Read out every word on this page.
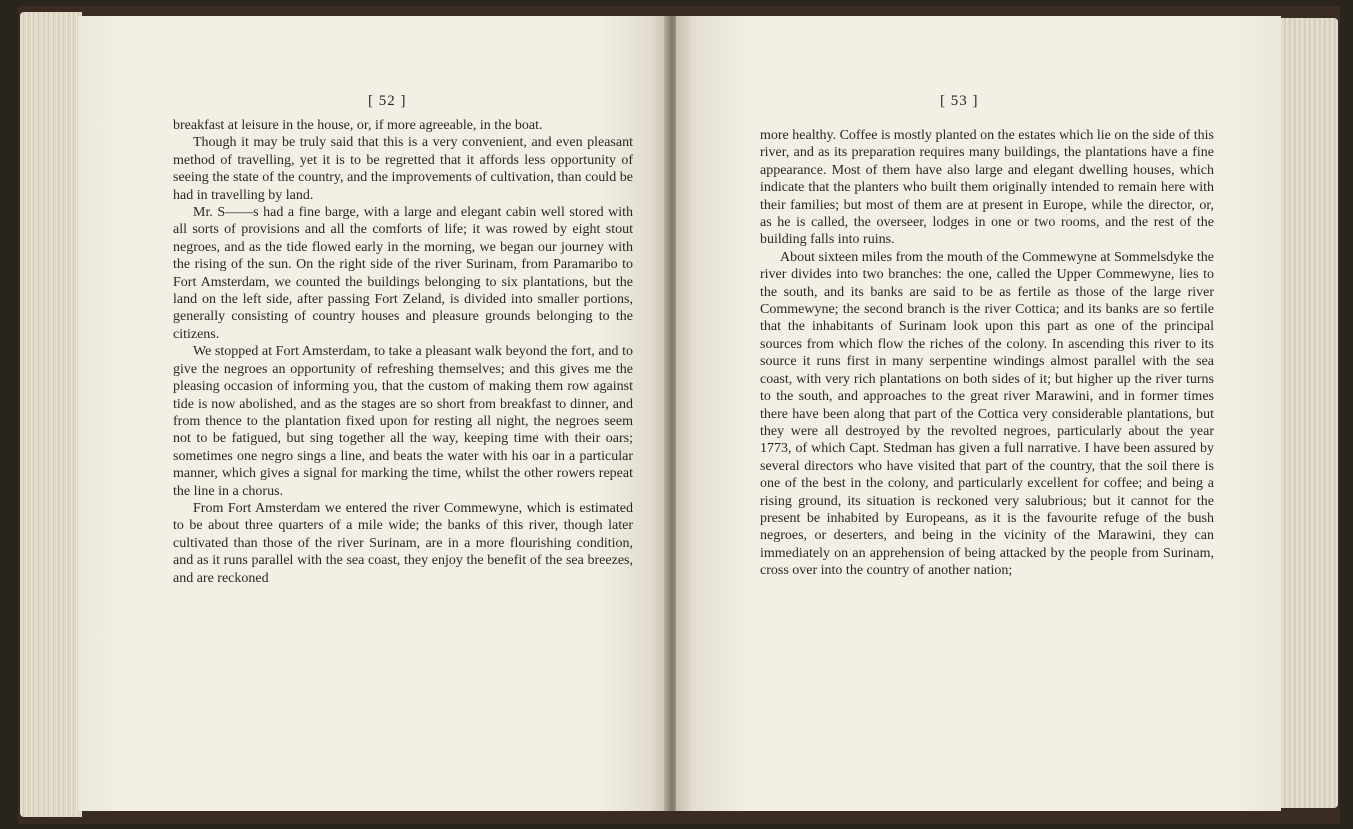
[ 52 ]

breakfast at leisure in the house, or, if more agreeable, in the boat.

Though it may be truly said that this is a very convenient, and even pleasant method of travelling, yet it is to be regretted that it affords less opportunity of seeing the state of the country, and the improvements of cultivation, than could be had in travelling by land.

Mr. S——s had a fine barge, with a large and elegant cabin well stored with all sorts of provisions and all the comforts of life; it was rowed by eight stout negroes, and as the tide flowed early in the morning, we began our journey with the rising of the sun. On the right side of the river Surinam, from Paramaribo to Fort Amsterdam, we counted the buildings belonging to six plantations, but the land on the left side, after passing Fort Zeland, is divided into smaller portions, generally consisting of country houses and pleasure grounds belonging to the citizens.

We stopped at Fort Amsterdam, to take a pleasant walk beyond the fort, and to give the negroes an opportunity of refreshing themselves; and this gives me the pleasing occasion of informing you, that the custom of making them row against tide is now abolished, and as the stages are so short from breakfast to dinner, and from thence to the plantation fixed upon for resting all night, the negroes seem not to be fatigued, but sing together all the way, keeping time with their oars; sometimes one negro sings a line, and beats the water with his oar in a particular manner, which gives a signal for marking the time, whilst the other rowers repeat the line in a chorus.

From Fort Amsterdam we entered the river Commewyne, which is estimated to be about three quarters of a mile wide; the banks of this river, though later cultivated than those of the river Surinam, are in a more flourishing condition, and as it runs parallel with the sea coast, they enjoy the benefit of the sea breezes, and are reckoned

[ 53 ]

more healthy. Coffee is mostly planted on the estates which lie on the side of this river, and as its preparation requires many buildings, the plantations have a fine appearance. Most of them have also large and elegant dwelling houses, which indicate that the planters who built them originally intended to remain here with their families; but most of them are at present in Europe, while the director, or, as he is called, the overseer, lodges in one or two rooms, and the rest of the building falls into ruins.

About sixteen miles from the mouth of the Commewyne at Sommelsdyke the river divides into two branches: the one, called the Upper Commewyne, lies to the south, and its banks are said to be as fertile as those of the large river Commewyne; the second branch is the river Cottica; and its banks are so fertile that the inhabitants of Surinam look upon this part as one of the principal sources from which flow the riches of the colony. In ascending this river to its source it runs first in many serpentine windings almost parallel with the sea coast, with very rich plantations on both sides of it; but higher up the river turns to the south, and approaches to the great river Marawini, and in former times there have been along that part of the Cottica very considerable plantations, but they were all destroyed by the revolted negroes, particularly about the year 1773, of which Capt. Stedman has given a full narrative. I have been assured by several directors who have visited that part of the country, that the soil there is one of the best in the colony, and particularly excellent for coffee; and being a rising ground, its situation is reckoned very salubrious; but it cannot for the present be inhabited by Europeans, as it is the favourite refuge of the bush negroes, or deserters, and being in the vicinity of the Marawini, they can immediately on an apprehension of being attacked by the people from Surinam, cross over into the country of another nation;
